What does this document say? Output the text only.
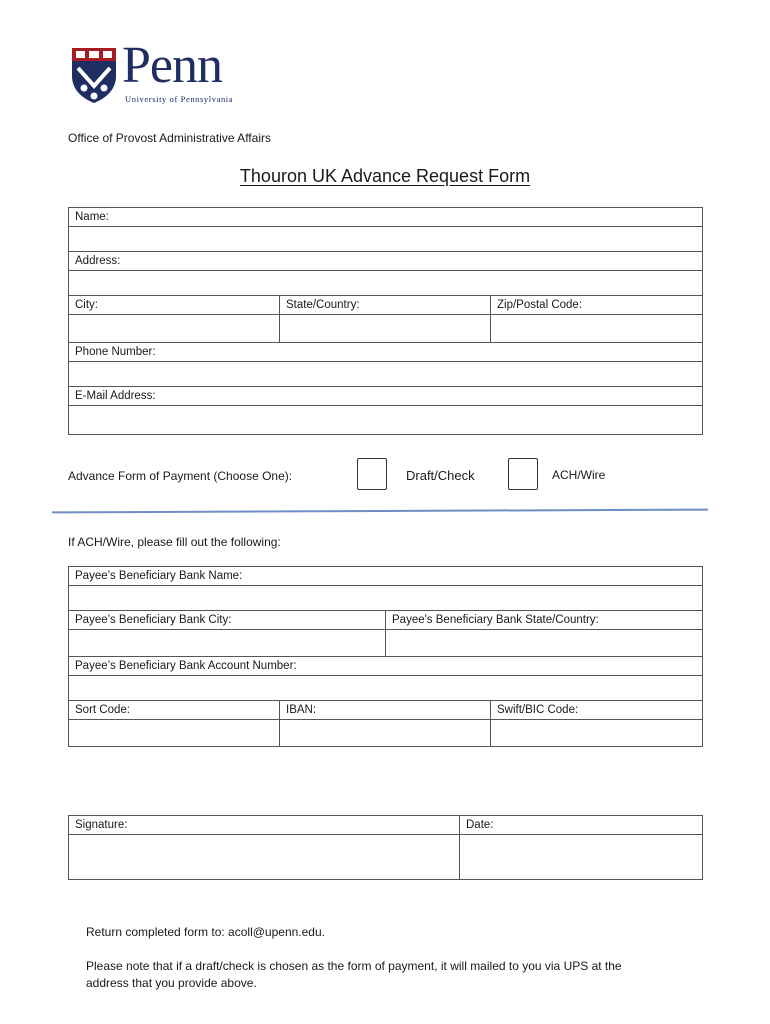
Penn
University of Pennsylvania
Office of Provost Administrative Affairs
Thouron UK Advance Request Form
Name:		

Address:		

City:	State/Country:	Zip/Postal Code:

Phone Number:		

E-Mail Address:		

Advance Form of Payment (Choose One):	Draft/Check	ACH/Wire
If ACH/Wire, please fill out the following:
Payee’s Beneficiary Bank Name:			

Payee’s Beneficiary Bank City:		Payee's Beneficiary Bank State/Country:	

Payee’s Beneficiary Bank Account Number:			

Sort Code:	IBAN:		Swift/BIC Code:

Signature:	Date:

Return completed form to: acoll@upenn.edu.
Please note that if a draft/check is chosen as the form of payment, it will mailed to you via UPS at the
address that you provide above.
